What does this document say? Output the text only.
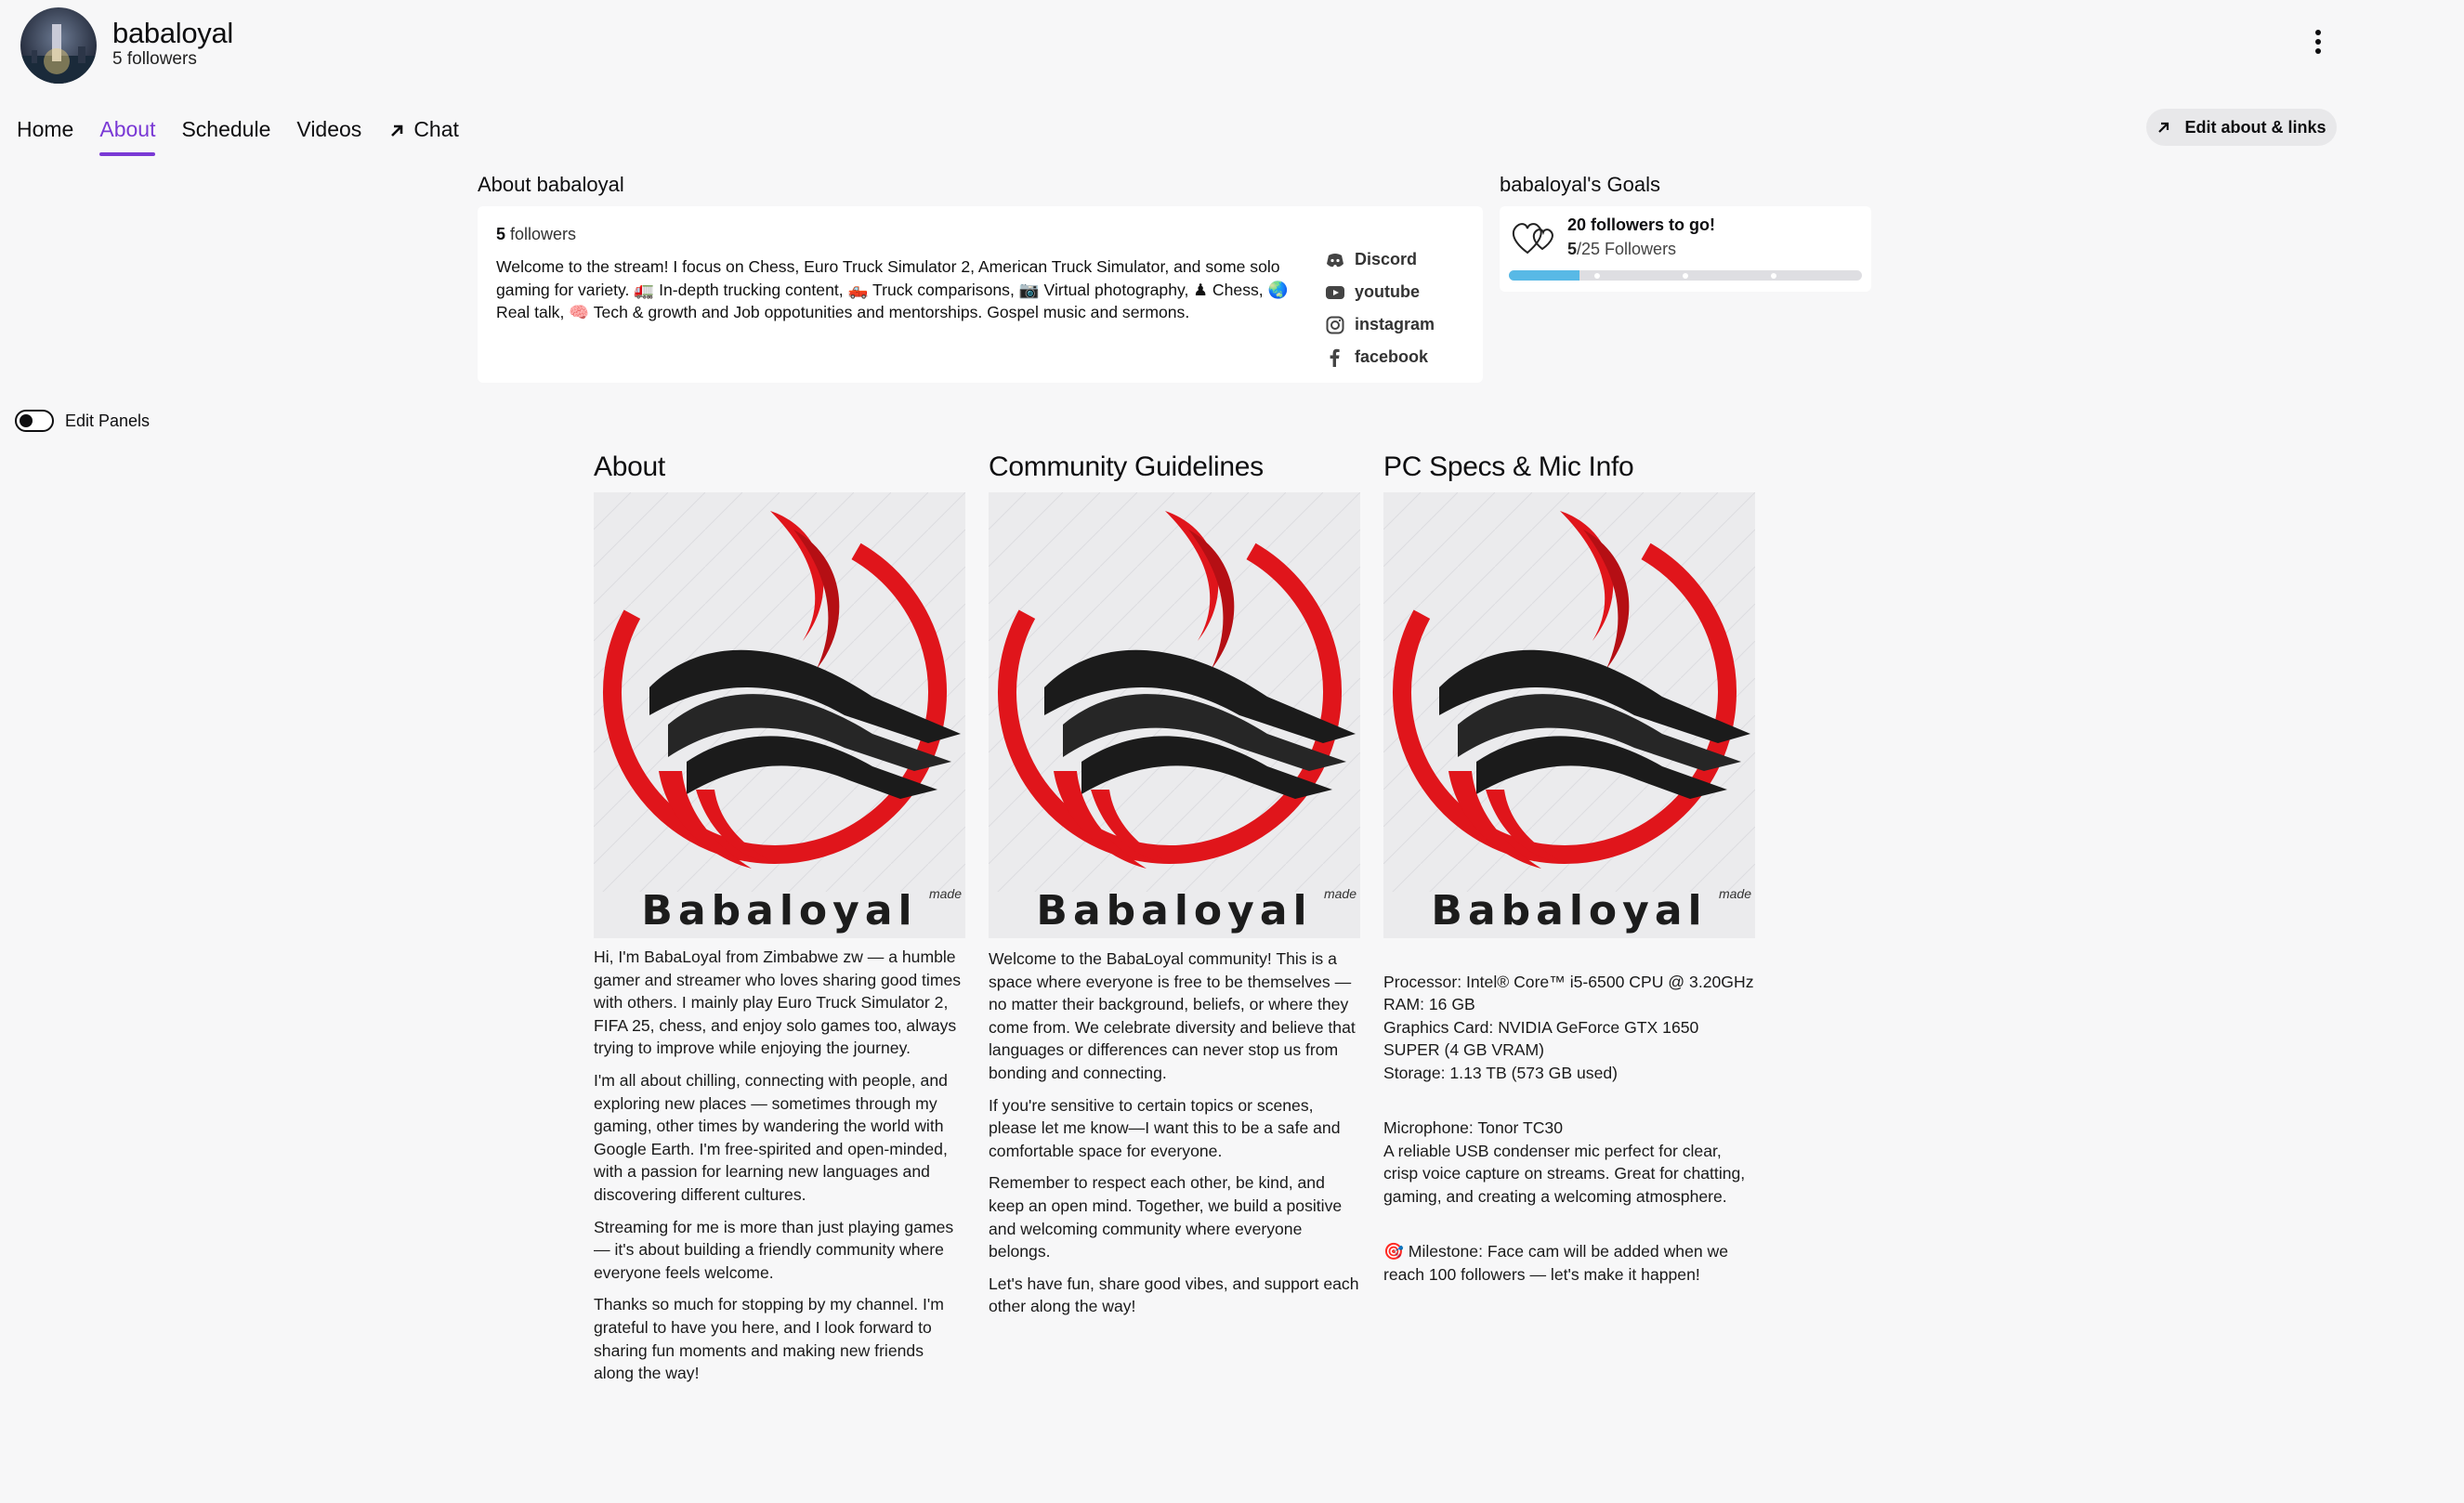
babaloyal
5 followers
Home About Schedule Videos Chat	Edit about & links
About babaloyal
5 followers
Welcome to the stream! I focus on Chess, Euro Truck Simulator 2, American Truck Simulator, and some solo gaming for variety. 🚛 In-depth trucking content, 🛻 Truck comparisons, 📷 Virtual photography, ♟ Chess, 🌏 Real talk, 🧠 Tech & growth and Job oppotunities and mentorships. Gospel music and sermons.
Discord
youtube
instagram
facebook
babaloyal's Goals
20 followers to go!
5/25 Followers
Edit Panels
About
made
Babaloyal

Hi, I'm BabaLoyal from Zimbabwe zw — a humble gamer and streamer who loves sharing good times with others. I mainly play Euro Truck Simulator 2, FIFA 25, chess, and enjoy solo games too, always trying to improve while enjoying the journey.

I'm all about chilling, connecting with people, and exploring new places — sometimes through my gaming, other times by wandering the world with Google Earth. I'm free-spirited and open-minded, with a passion for learning new languages and discovering different cultures.

Streaming for me is more than just playing games — it's about building a friendly community where everyone feels welcome.

Thanks so much for stopping by my channel. I'm grateful to have you here, and I look forward to sharing fun moments and making new friends along the way!

Community Guidelines
made
Babaloyal

Welcome to the BabaLoyal community! This is a space where everyone is free to be themselves —no matter their background, beliefs, or where they come from. We celebrate diversity and believe that languages or differences can never stop us from bonding and connecting.

If you're sensitive to certain topics or scenes, please let me know—I want this to be a safe and comfortable space for everyone.

Remember to respect each other, be kind, and keep an open mind. Together, we build a positive and welcoming community where everyone belongs.

Let's have fun, share good vibes, and support each other along the way!

PC Specs & Mic Info
made
Babaloyal

Processor: Intel® Core™ i5-6500 CPU @ 3.20GHz
RAM: 16 GB
Graphics Card: NVIDIA GeForce GTX 1650 SUPER (4 GB VRAM)
Storage: 1.13 TB (573 GB used)

Microphone: Tonor TC30
A reliable USB condenser mic perfect for clear, crisp voice capture on streams. Great for chatting, gaming, and creating a welcoming atmosphere.

🎯 Milestone: Face cam will be added when we reach 100 followers — let's make it happen!
